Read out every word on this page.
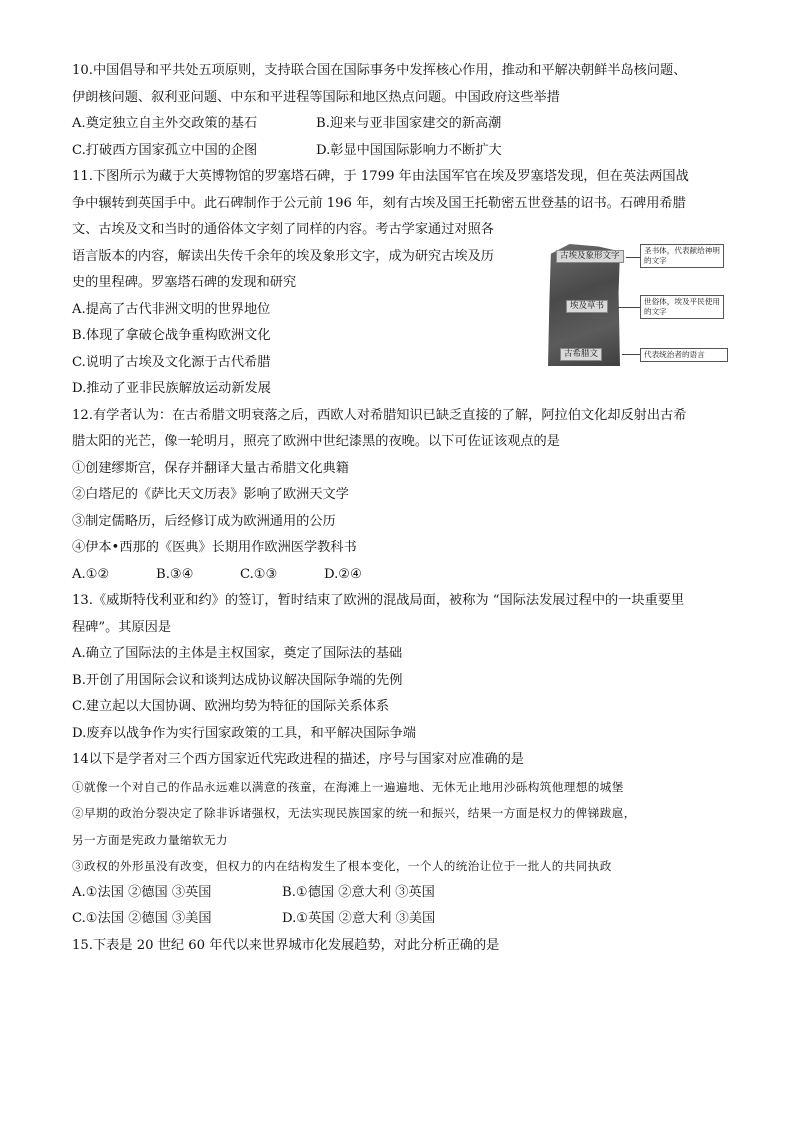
10.中国倡导和平共处五项原则，支持联合国在国际事务中发挥核心作用，推动和平解决朝鲜半岛核问题、
伊朗核问题、叙利亚问题、中东和平进程等国际和地区热点问题。中国政府这些举措
A.奠定独立自主外交政策的基石	B.迎来与亚非国家建交的新高潮
C.打破西方国家孤立中国的企图	D.彰显中国国际影响力不断扩大
11.下图所示为藏于大英博物馆的罗塞塔石碑，于 1799 年由法国军官在埃及罗塞塔发现，但在英法两国战
争中辗转到英国手中。此石碑制作于公元前 196 年，刻有古埃及国王托勒密五世登基的诏书。石碑用希腊
文、古埃及文和当时的通俗体文字刻了同样的内容。考古学家通过对照各
语言版本的内容，解读出失传千余年的埃及象形文字，成为研究古埃及历
史的里程碑。罗塞塔石碑的发现和研究
A.提高了古代非洲文明的世界地位
B.体现了拿破仑战争重构欧洲文化
C.说明了古埃及文化源于古代希腊
D.推动了亚非民族解放运动新发展
古埃及象形文字
埃及草书
古希腊文
圣书体，代表献给神明的文字
世俗体，埃及平民使用的文字
代表统治者的语言
12.有学者认为：在古希腊文明衰落之后，西欧人对希腊知识已缺乏直接的了解，阿拉伯文化却反射出古希
腊太阳的光芒，像一轮明月，照亮了欧洲中世纪漆黑的夜晚。以下可佐证该观点的是
①创建缪斯宫，保存并翻译大量古希腊文化典籍
②白塔尼的《萨比天文历表》影响了欧洲天文学
③制定儒略历，后经修订成为欧洲通用的公历
④伊本•西那的《医典》长期用作欧洲医学教科书
A.①②	B.③④	C.①③	D.②④
13.《威斯特伐利亚和约》的签订，暂时结束了欧洲的混战局面，被称为 “国际法发展过程中的一块重要里
程碑”。其原因是
A.确立了国际法的主体是主权国家，奠定了国际法的基础
B.开创了用国际会议和谈判达成协议解决国际争端的先例
C.建立起以大国协调、欧洲均势为特征的国际关系体系
D.废弃以战争作为实行国家政策的工具，和平解决国际争端
14以下是学者对三个西方国家近代宪政进程的描述，序号与国家对应准确的是
①就像一个对自己的作品永远难以满意的孩童，在海滩上一遍遍地、无休无止地用沙砾构筑他理想的城堡
②早期的政治分裂决定了除非诉诸强权，无法实现民族国家的统一和振兴，结果一方面是权力的俾锑跋扈，
另一方面是宪政力量缩软无力
③政权的外形虽没有改变，但权力的内在结构发生了根本变化，一个人的统治让位于一批人的共同执政
A.①法国 ②德国 ③英国	B.①德国 ②意大利 ③英国
C.①法国 ②德国 ③美国	D.①英国 ②意大利 ③美国
15.下表是 20 世纪 60 年代以来世界城市化发展趋势，对此分析正确的是
